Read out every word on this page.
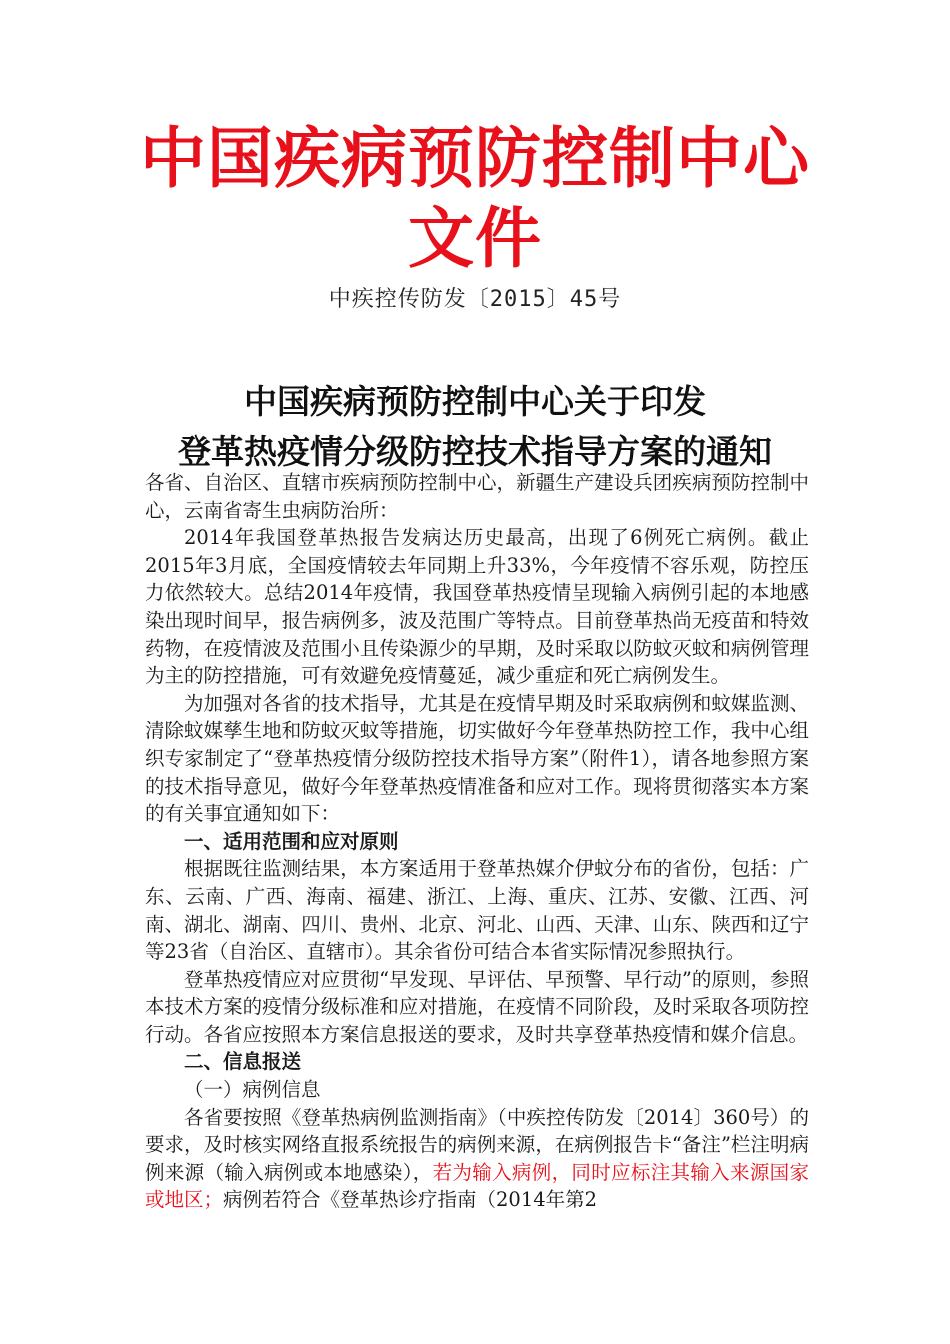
中国疾病预防控制中心文件
中疾控传防发〔2015〕45号
中国疾病预防控制中心关于印发
登革热疫情分级防控技术指导方案的通知

各省、自治区、直辖市疾病预防控制中心，新疆生产建设兵团疾病预防控制中心，云南省寄生虫病防治所：

2014年我国登革热报告发病达历史最高，出现了6例死亡病例。截止2015年3月底，全国疫情较去年同期上升33%，今年疫情不容乐观，防控压力依然较大。总结2014年疫情，我国登革热疫情呈现输入病例引起的本地感染出现时间早，报告病例多，波及范围广等特点。目前登革热尚无疫苗和特效药物，在疫情波及范围小且传染源少的早期，及时采取以防蚊灭蚊和病例管理为主的防控措施，可有效避免疫情蔓延，减少重症和死亡病例发生。

为加强对各省的技术指导，尤其是在疫情早期及时采取病例和蚊媒监测、清除蚊媒孳生地和防蚊灭蚊等措施，切实做好今年登革热防控工作，我中心组织专家制定了“登革热疫情分级防控技术指导方案”（附件1），请各地参照方案的技术指导意见，做好今年登革热疫情准备和应对工作。现将贯彻落实本方案的有关事宜通知如下：

一、适用范围和应对原则

根据既往监测结果，本方案适用于登革热媒介伊蚊分布的省份，包括：广东、云南、广西、海南、福建、浙江、上海、重庆、江苏、安徽、江西、河南、湖北、湖南、四川、贵州、北京、河北、山西、天津、山东、陕西和辽宁等23省（自治区、直辖市）。其余省份可结合本省实际情况参照执行。

登革热疫情应对应贯彻“早发现、早评估、早预警、早行动”的原则，参照本技术方案的疫情分级标准和应对措施，在疫情不同阶段，及时采取各项防控行动。各省应按照本方案信息报送的要求，及时共享登革热疫情和媒介信息。

二、信息报送

（一）病例信息

各省要按照《登革热病例监测指南》（中疾控传防发〔2014〕360号）的要求，及时核实网络直报系统报告的病例来源，在病例报告卡“备注”栏注明病例来源（输入病例或本地感染），若为输入病例，同时应标注其输入来源国家或地区；病例若符合《登革热诊疗指南（2014年第2
